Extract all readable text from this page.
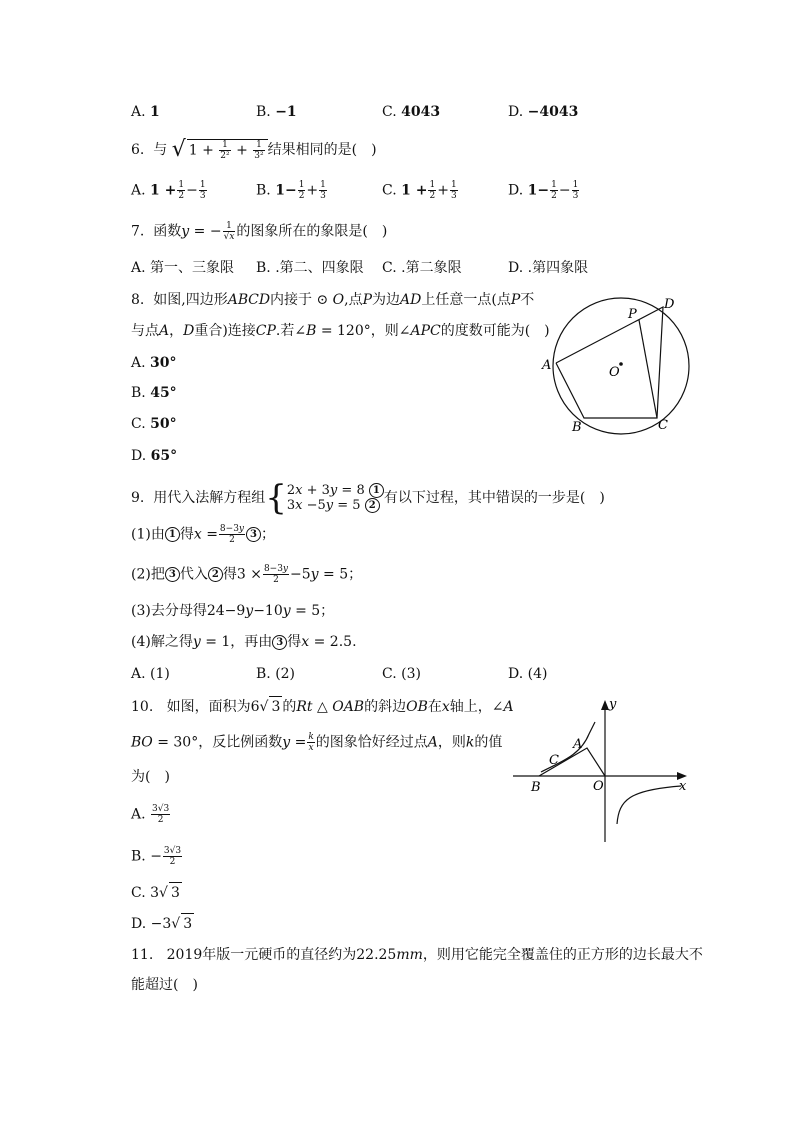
A. 1	B. −1	C. 4043	D. −4043
6. 与 √ $1 + \frac{1}{\text{2²}} + \frac{1}{\text{3²}}$ 结果相同的是(　)
A. $1 + \frac{1}{2} - \frac{1}{3}$	B. $1- \frac{1}{2} + \frac{1}{3}$	C. $1 + \frac{1}{2} + \frac{1}{3}$	D. $1- \frac{1}{2} - \frac{1}{3}$
7. 函数y = − $\frac{1}{√x}$ 的图象所在的象限是(　)
A. 第一、三象限 B. .第二、四象限 C. .第二象限	D. .第四象限
8. 如图,四边形𝐴𝐵𝐶𝐷内接于 ⊙ 𝑂,点𝑃为边𝐴𝐷上任意一点(点𝑃不
与点𝐴，𝐷重合)连接𝐶𝑃.若∠𝐵 = 120°，则∠𝐴𝑃𝐶的度数可能为(　)
A. 30°
B. 45°
C. 50°
D. 65°
D
P
A	O
B	C
9. 用代入法解方程组{ 2𝑥 + 3𝑦 = 8 1
3𝑥 −5𝑦 = 5 2 有以下过程，其中错误的一步是(　)
(1)由 1 得𝑥 = $\frac{\text{8−3𝑦}}{2} 3$ ；
(2)把 3 代入 2 得$3 \times \frac{\text{8−3𝑦}}{2}$ −5𝑦 = 5；
(3)去分母得24−9𝑦−10𝑦 = 5；
(4)解之得𝑦 = 1，再由 3 得𝑥 = 2.5.
A. (1)	B. (2)	C. (3)	D. (4)
10. 如图，面积为6√ 3 的𝑅𝑡 △ 𝑂𝐴𝐵的斜边𝑂𝐵在𝑥轴上，∠𝐴
𝐵𝑂 = 30°，反比例函数𝑦 = $\frac{\text{𝑘}}{\text{𝑥}}$ 的图象恰好经过点𝐴，则𝑘的值
为(　)
A. $\frac{3√3}{2}$
B. − $\frac{3√3}{2}$
C. 3√ 3
D. −3√ 3
y
x
A
C
B	O
11. 2019年版一元硬币的直径约为22.25𝑚𝑚，则用它能完全覆盖住的正方形的边长最大不
能超过(　)
